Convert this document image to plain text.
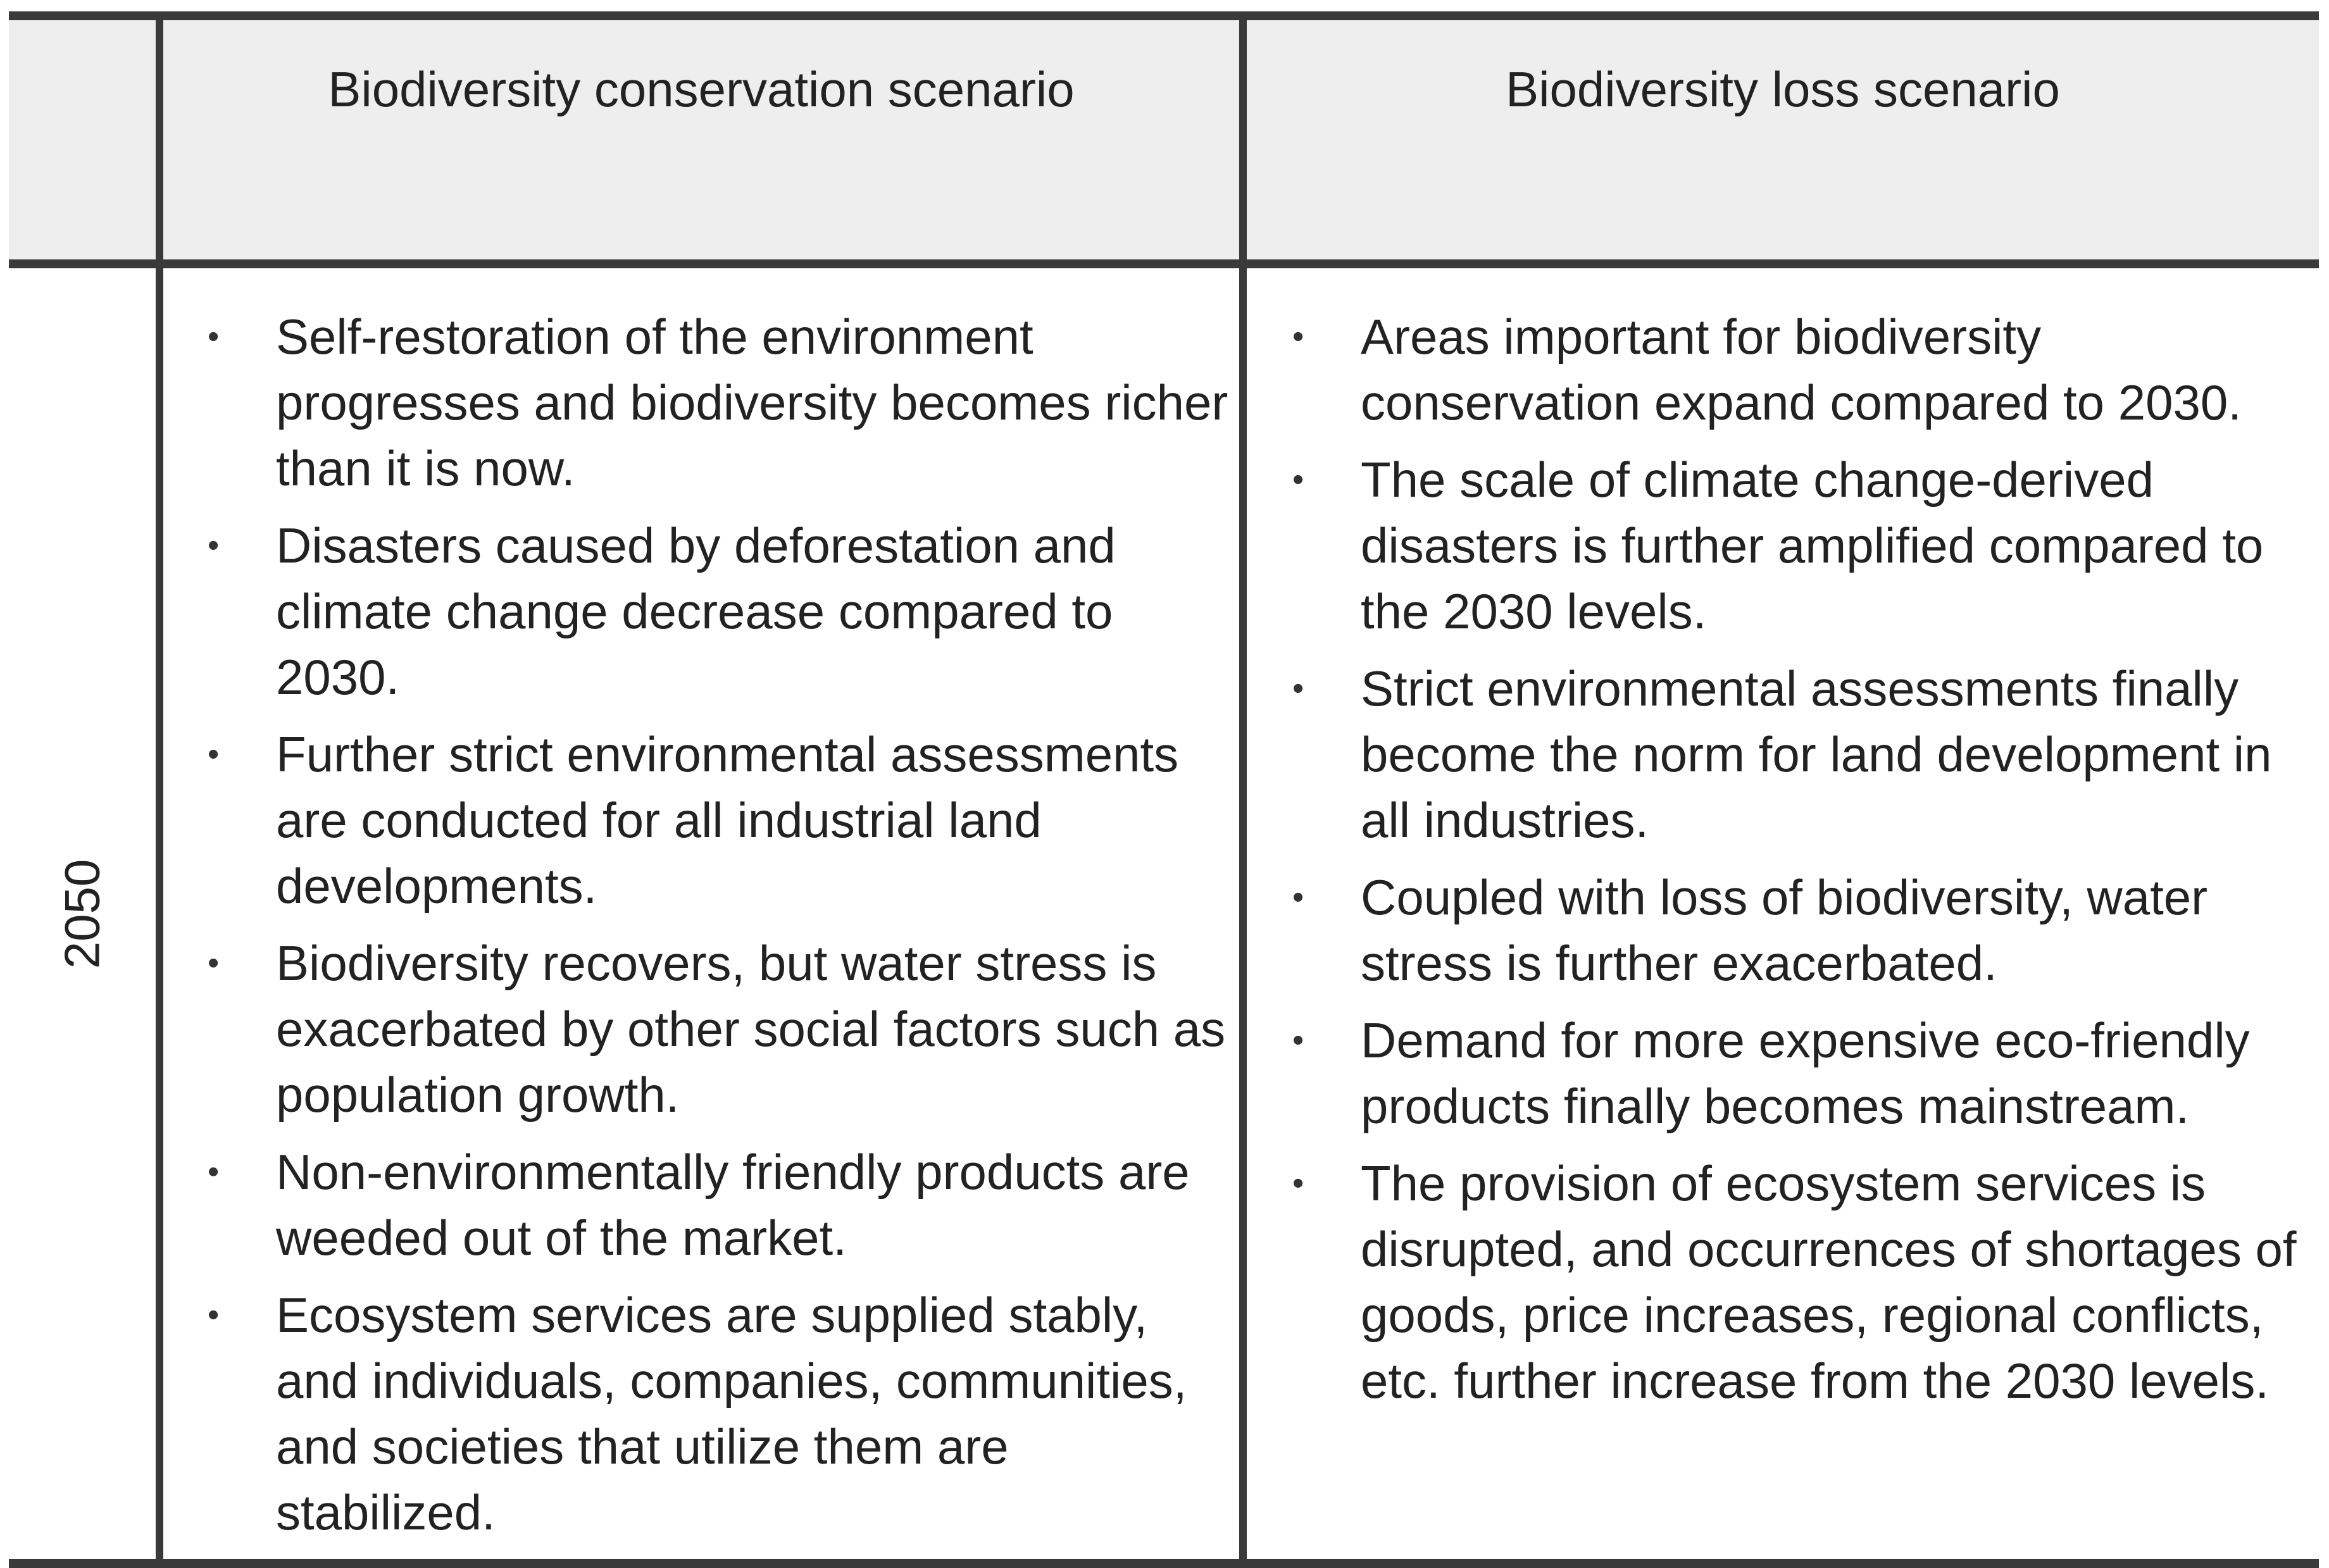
Biodiversity conservation scenario	Biodiversity loss scenario
2050
• Self-restoration of the environment progresses and biodiversity becomes richer than it is now.
• Disasters caused by deforestation and climate change decrease compared to 2030.
• Further strict environmental assessments are conducted for all industrial land developments.
• Biodiversity recovers, but water stress is exacerbated by other social factors such as population growth.
• Non-environmentally friendly products are weeded out of the market.
• Ecosystem services are supplied stably, and individuals, companies, communities, and societies that utilize them are stabilized.
• Areas important for biodiversity conservation expand compared to 2030.
• The scale of climate change-derived disasters is further amplified compared to the 2030 levels.
• Strict environmental assessments finally become the norm for land development in all industries.
• Coupled with loss of biodiversity, water stress is further exacerbated.
• Demand for more expensive eco-friendly products finally becomes mainstream.
• The provision of ecosystem services is disrupted, and occurrences of shortages of goods, price increases, regional conflicts, etc. further increase from the 2030 levels.
